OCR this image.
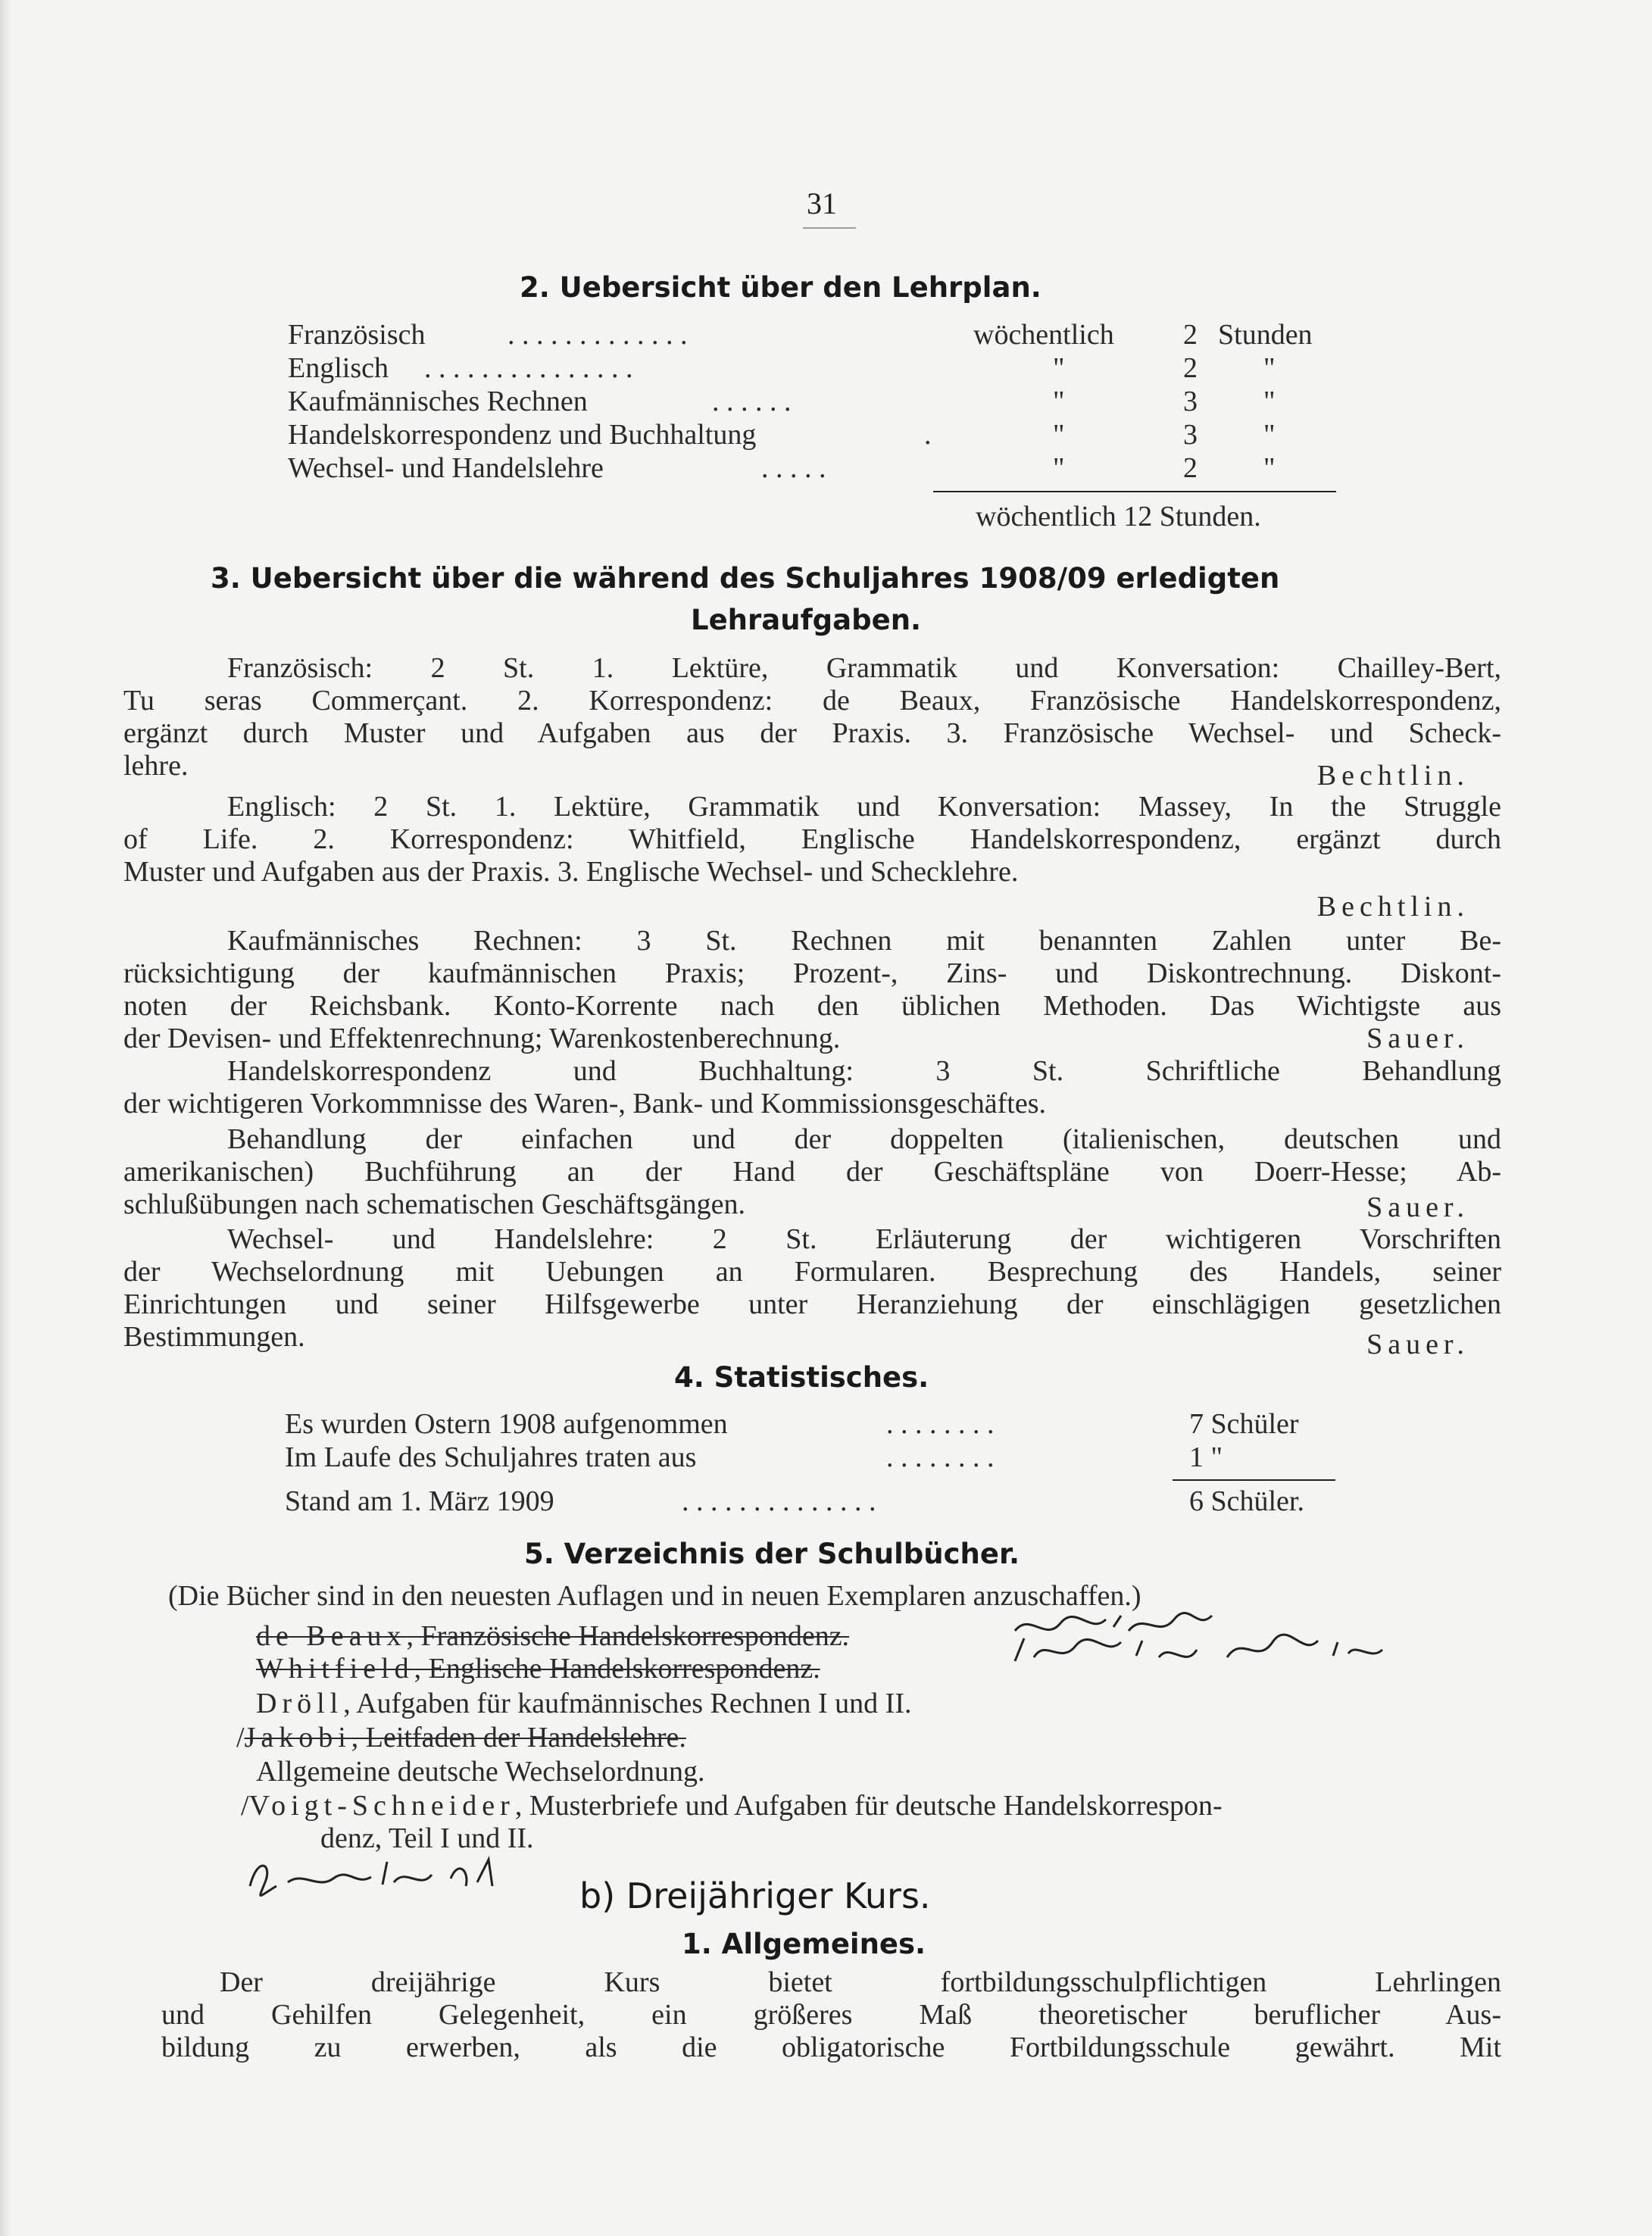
31
2. Uebersicht über den Lehrplan.
Französisch	. . . . . . . . . . . . .	wöchentlich 2 Stunden
Englisch . . . . . . . . . . . . . . .	"	2 "
Kaufmännisches Rechnen	. . . . . .	"	3 "
Handelskorrespondenz und Buchhaltung	.	"	3 "
Wechsel- und Handelslehre	. . . . .	"	2 "
wöchentlich 12 Stunden.
3. Uebersicht über die während des Schuljahres 1908/09 erledigten
Lehraufgaben.
Französisch: 2 St. 1. Lektüre, Grammatik und Konversation: Chailley-Bert,
Tu seras Commerçant. 2. Korrespondenz: de Beaux, Französische Handelskorrespondenz,
ergänzt durch Muster und Aufgaben aus der Praxis. 3. Französische Wechsel- und Scheck-
lehre.	Bechtlin.
Englisch: 2 St. 1. Lektüre, Grammatik und Konversation: Massey, In the Struggle
of Life. 2. Korrespondenz: Whitfield, Englische Handelskorrespondenz, ergänzt durch
Muster und Aufgaben aus der Praxis. 3. Englische Wechsel- und Schecklehre.
Bechtlin.
Kaufmännisches Rechnen: 3 St. Rechnen mit benannten Zahlen unter Be-
rücksichtigung der kaufmännischen Praxis; Prozent-, Zins- und Diskontrechnung. Diskont-
noten der Reichsbank. Konto-Korrente nach den üblichen Methoden. Das Wichtigste aus
der Devisen- und Effektenrechnung; Warenkostenberechnung.	Sauer.
Handelskorrespondenz und Buchhaltung: 3 St. Schriftliche Behandlung
der wichtigeren Vorkommnisse des Waren-, Bank- und Kommissionsgeschäftes.
Behandlung der einfachen und der doppelten (italienischen, deutschen und
amerikanischen) Buchführung an der Hand der Geschäftspläne von Doerr-Hesse; Ab-
schlußübungen nach schematischen Geschäftsgängen.	Sauer.
Wechsel- und Handelslehre: 2 St. Erläuterung der wichtigeren Vorschriften
der Wechselordnung mit Uebungen an Formularen. Besprechung des Handels, seiner
Einrichtungen und seiner Hilfsgewerbe unter Heranziehung der einschlägigen gesetzlichen
Bestimmungen.	Sauer.
4. Statistisches.
Es wurden Ostern 1908 aufgenommen	. . . . . . . .	7 Schüler
Im Laufe des Schuljahres traten aus	. . . . . . . .	1 "
Stand am 1. März 1909	. . . . . . . . . . . . . .	6 Schüler.
5. Verzeichnis der Schulbücher.
(Die Bücher sind in den neuesten Auflagen und in neuen Exemplaren anzuschaffen.)
de Beaux, Französische Handelskorrespondenz.
Whitfield, Englische Handelskorrespondenz.
Dröll, Aufgaben für kaufmännisches Rechnen I und II.
/Jakobi, Leitfaden der Handelslehre.
Allgemeine deutsche Wechselordnung.
/Voigt-Schneider, Musterbriefe und Aufgaben für deutsche Handelskorrespon-
denz, Teil I und II.
b) Dreijähriger Kurs.
1. Allgemeines.
Der dreijährige Kurs bietet fortbildungsschulpflichtigen Lehrlingen
und Gehilfen Gelegenheit, ein größeres Maß theoretischer beruflicher Aus-
bildung zu erwerben, als die obligatorische Fortbildungsschule gewährt. Mit
